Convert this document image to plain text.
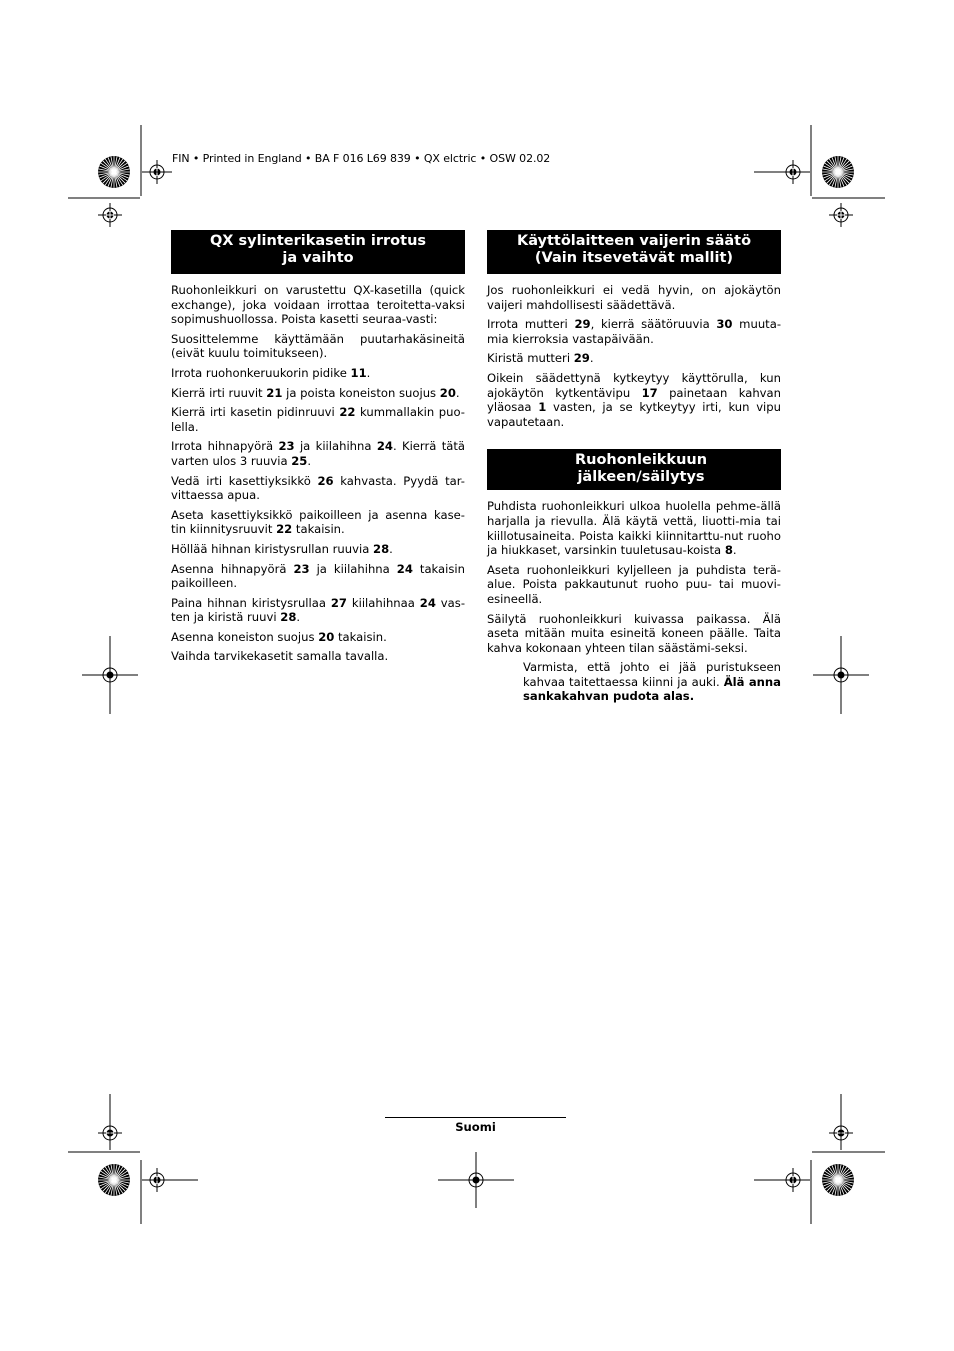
FIN • Printed in England • BA F 016 L69 839 • QX elctric • OSW 02.02
QX sylinterikasetin irrotus
ja vaihto

Ruohonleikkuri on varustettu QX-kasetilla (quick exchange), joka voidaan irrottaa teroitetta-vaksi sopimushuollossa. Poista kasetti seuraa-vasti:

Suosittelemme käyttämään puutarhakäsineitä (eivät kuulu toimitukseen).

Irrota ruohonkeruukorin pidike 11.

Kierrä irti ruuvit 21 ja poista koneiston suojus 20.

Kierrä irti kasetin pidinruuvi 22 kummallakin puo-lella.

Irrota hihnapyörä 23 ja kiilahihna 24. Kierrä tätä varten ulos 3 ruuvia 25.

Vedä irti kasettiyksikkö 26 kahvasta. Pyydä tar-vittaessa apua.

Aseta kasettiyksikkö paikoilleen ja asenna kase-tin kiinnitysruuvit 22 takaisin.

Höllää hihnan kiristysrullan ruuvia 28.

Asenna hihnapyörä 23 ja kiilahihna 24 takaisin paikoilleen.

Paina hihnan kiristysrullaa 27 kiilahihnaa 24 vas-ten ja kiristä ruuvi 28.

Asenna koneiston suojus 20 takaisin.

Vaihda tarvikekasetit samalla tavalla.

Käyttölaitteen vaijerin säätö
(Vain itsevetävät mallit)

Jos ruohonleikkuri ei vedä hyvin, on ajokäytön vaijeri mahdollisesti säädettävä.

Irrota mutteri 29, kierrä säätöruuvia 30 muuta-mia kierroksia vastapäivään.

Kiristä mutteri 29.

Oikein säädettynä kytkeytyy käyttörulla, kun ajokäytön kytkentävipu 17 painetaan kahvan yläosaa 1 vasten, ja se kytkeytyy irti, kun vipu vapautetaan.

Ruohonleikkuun jälkeen/säilytys

Puhdista ruohonleikkuri ulkoa huolella pehme-ällä harjalla ja rievulla. Älä käytä vettä, liuotti-mia tai kiillotusaineita. Poista kaikki kiinnitarttu-nut ruoho ja hiukkaset, varsinkin tuuletusau-koista 8.

Aseta ruohonleikkuri kyljelleen ja puhdista terä-alue. Poista pakkautunut ruoho puu- tai muovi-esineellä.

Säilytä ruohonleikkuri kuivassa paikassa. Älä aseta mitään muita esineitä koneen päälle. Taita kahva kokonaan yhteen tilan säästämi-seksi.

Varmista, että johto ei jää puristukseen kahvaa taitettaessa kiinni ja auki. Älä anna sankakahvan pudota alas.

Suomi
